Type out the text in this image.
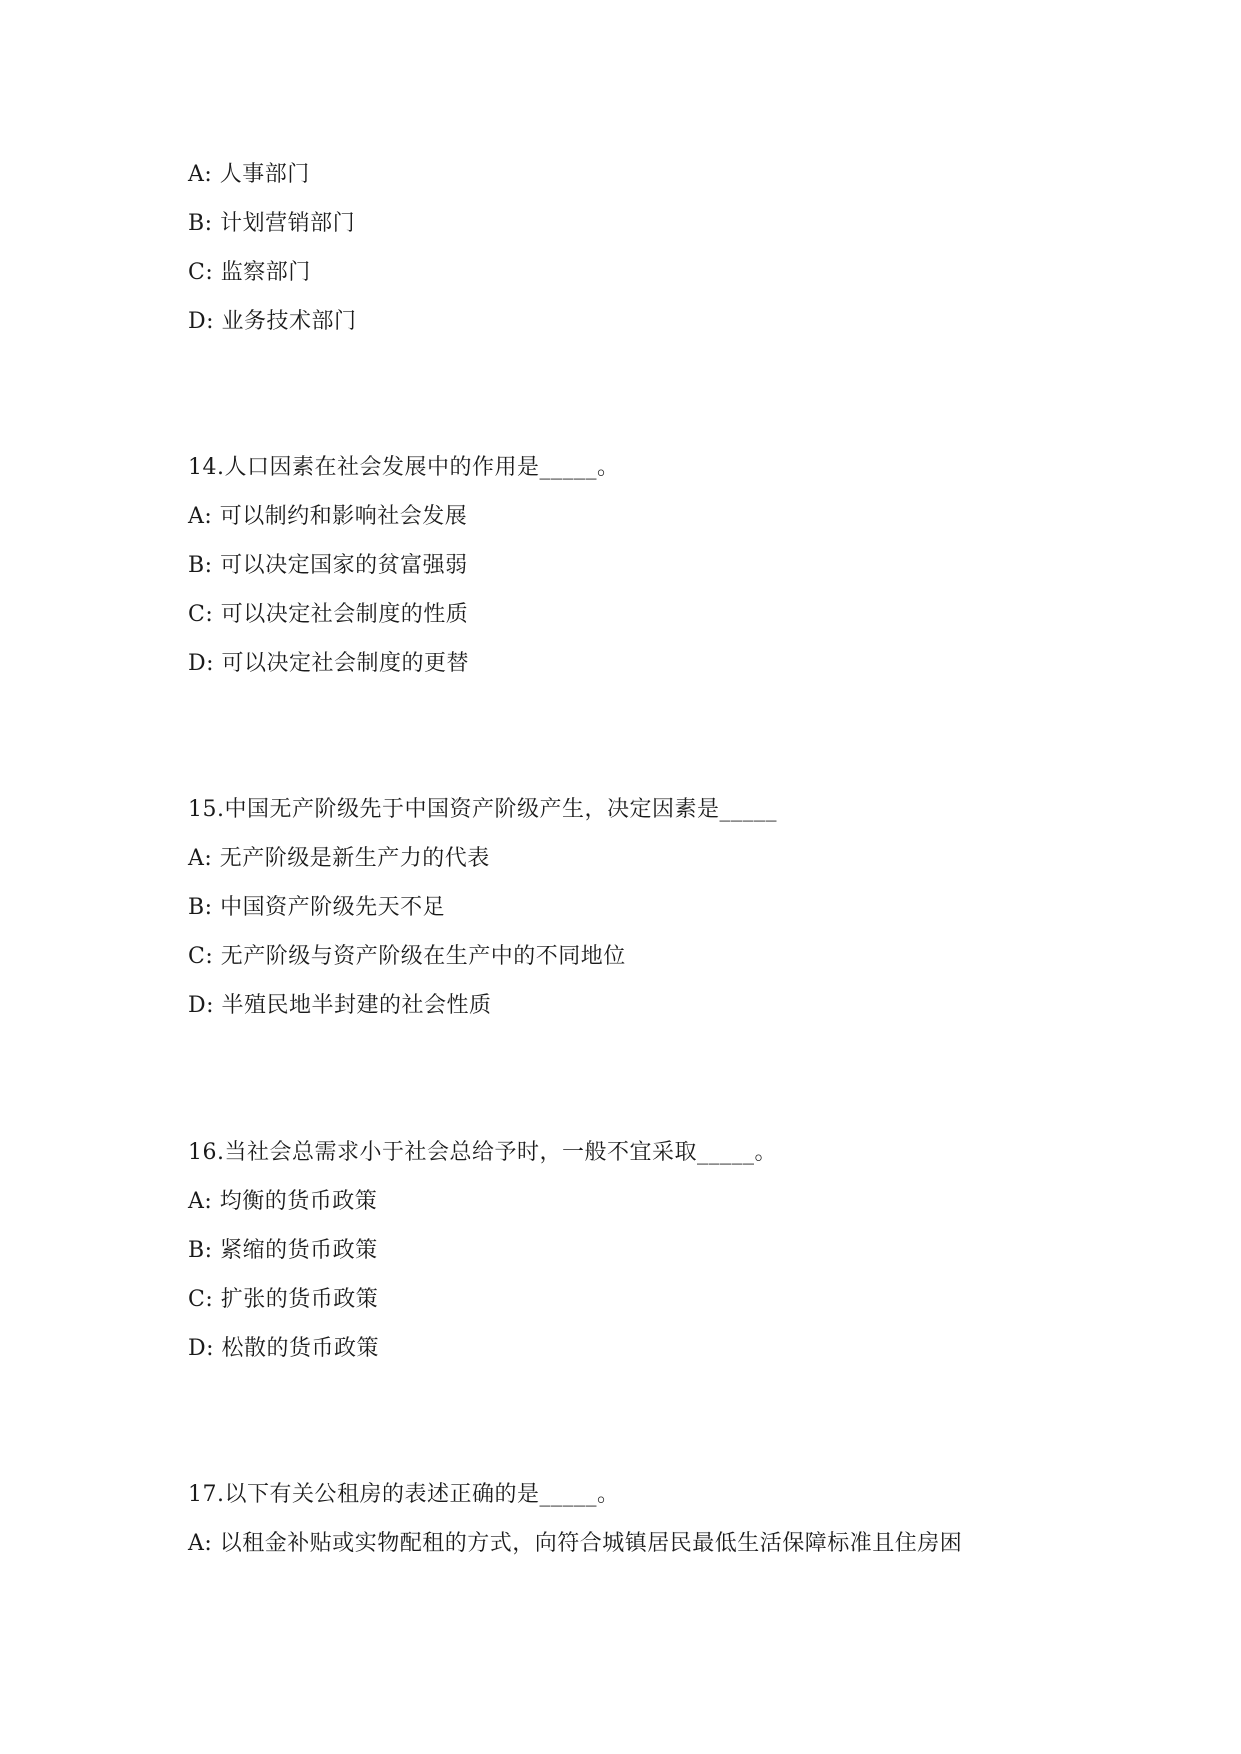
A: 人事部门
B: 计划营销部门
C: 监察部门
D: 业务技术部门
14.人口因素在社会发展中的作用是_____。
A: 可以制约和影响社会发展
B: 可以决定国家的贫富强弱
C: 可以决定社会制度的性质
D: 可以决定社会制度的更替
15.中国无产阶级先于中国资产阶级产生，决定因素是_____
A: 无产阶级是新生产力的代表
B: 中国资产阶级先天不足
C: 无产阶级与资产阶级在生产中的不同地位
D: 半殖民地半封建的社会性质
16.当社会总需求小于社会总给予时，一般不宜采取_____。
A: 均衡的货币政策
B: 紧缩的货币政策
C: 扩张的货币政策
D: 松散的货币政策
17.以下有关公租房的表述正确的是_____。
A: 以租金补贴或实物配租的方式，向符合城镇居民最低生活保障标准且住房困
